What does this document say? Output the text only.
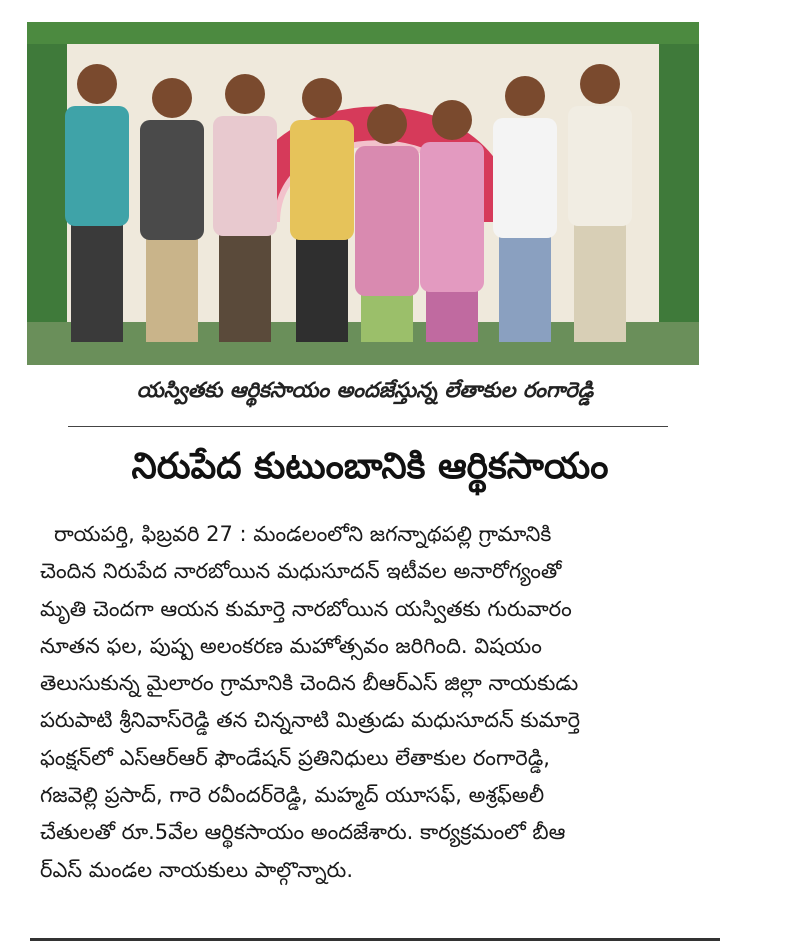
యస్వితకు ఆర్థికసాయం అందజేస్తున్న లేతాకుల రంగారెడ్డి
నిరుపేద కుటుంబానికి ఆర్థికసాయం
రాయపర్తి, ఫిబ్రవరి 27 : మండలంలోని జగన్నాథపల్లి గ్రామానికి
చెందిన నిరుపేద నారబోయిన మధుసూదన్ ఇటీవల అనారోగ్యంతో
మృతి చెందగా ఆయన కుమార్తె నారబోయిన యస్వితకు గురువారం
నూతన ఫల, పుష్ప అలంకరణ మహోత్సవం జరిగింది. విషయం
తెలుసుకున్న మైలారం గ్రామానికి చెందిన బీఆర్ఎస్ జిల్లా నాయకుడు
పరుపాటి శ్రీనివాస్‌రెడ్డి తన చిన్ననాటి మిత్రుడు మధుసూదన్ కుమార్తె
ఫంక్షన్‌లో ఎస్ఆర్ఆర్ ఫౌండేషన్ ప్రతినిధులు లేతాకుల రంగారెడ్డి,
గజవెల్లి ప్రసాద్, గారె రవీందర్‌రెడ్డి, మహ్మద్ యూసఫ్, అశ్రఫ్అలీ
చేతులతో రూ.5వేల ఆర్థికసాయం అందజేశారు. కార్యక్రమంలో బీఆ
ర్ఎస్ మండల నాయకులు పాల్గొన్నారు.
